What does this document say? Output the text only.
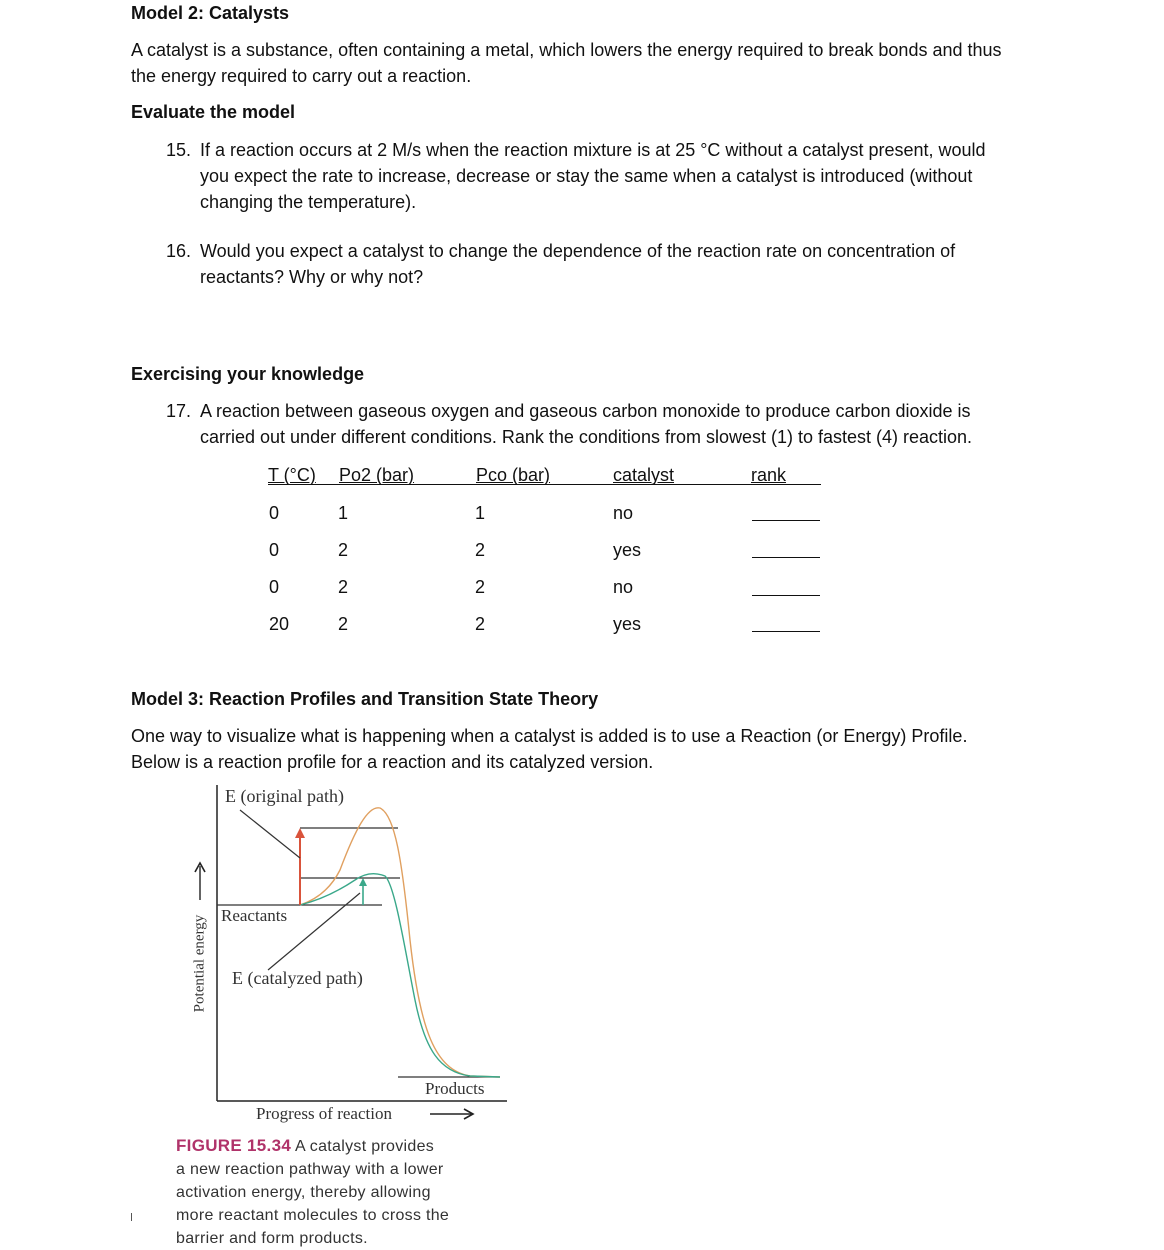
Model 2: Catalysts
A catalyst is a substance, often containing a metal, which lowers the energy required to break bonds and thus
the energy required to carry out a reaction.
Evaluate the model
15. If a reaction occurs at 2 M/s when the reaction mixture is at 25 °C without a catalyst present, would
you expect the rate to increase, decrease or stay the same when a catalyst is introduced (without
changing the temperature).
16. Would you expect a catalyst to change the dependence of the reaction rate on concentration of
reactants? Why or why not?
Exercising your knowledge
17. A reaction between gaseous oxygen and gaseous carbon monoxide to produce carbon dioxide is
carried out under different conditions. Rank the conditions from slowest (1) to fastest (4) reaction.
T (°C) Po2 (bar)	Pco (bar)	catalyst	rank
0	1	1	no
0	2	2	yes
0	2	2	no
20	2	2	yes
Model 3: Reaction Profiles and Transition State Theory
One way to visualize what is happening when a catalyst is added is to use a Reaction (or Energy) Profile.
Below is a reaction profile for a reaction and its catalyzed version.
E (original path)
Reactants
E (catalyzed path)
Products
Progress of reaction
Potential energy
FIGURE 15.34 A catalyst provides
a new reaction pathway with a lower
activation energy, thereby allowing
more reactant molecules to cross the
barrier and form products.
